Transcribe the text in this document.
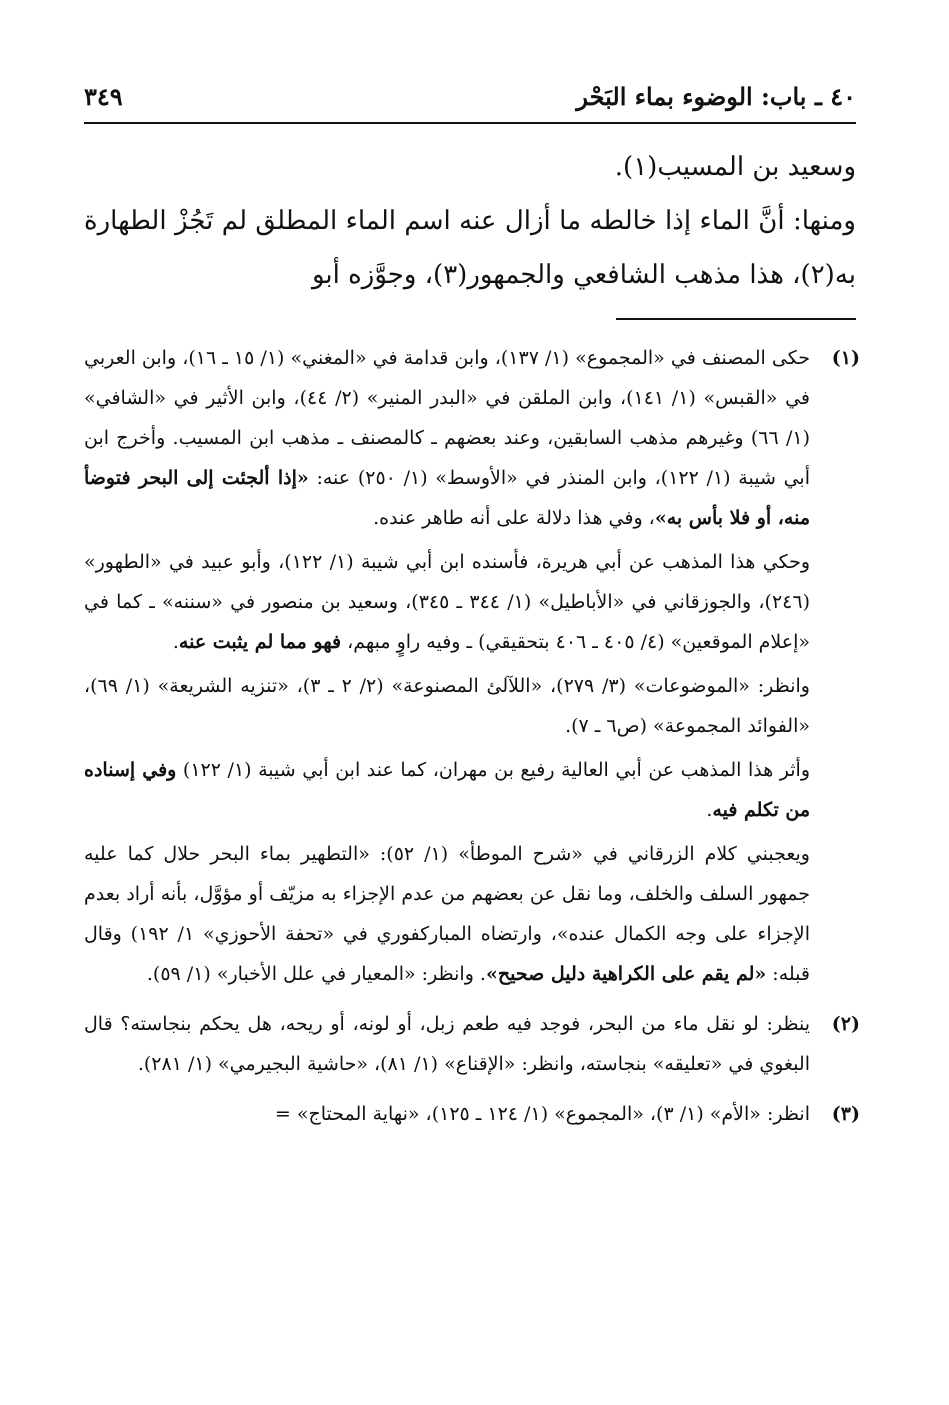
٣٤٩	٤٠ ـ باب: الوضوء بماء البَحْر

وسعيد بن المسيب(١).

ومنها: أنَّ الماء إذا خالطه ما أزال عنه اسم الماء المطلق لم تَجُزْ الطهارة به(٢)، هذا مذهب الشافعي والجمهور(٣)، وجوَّزه أبو

(١)

حكى المصنف في «المجموع» (١/ ١٣٧)، وابن قدامة في «المغني» (١/ ١٥ ـ ١٦)، وابن العربي في «القبس» (١/ ١٤١)، وابن الملقن في «البدر المنير» (٢/ ٤٤)، وابن الأثير في «الشافي» (١/ ٦٦) وغيرهم مذهب السابقين، وعند بعضهم ـ كالمصنف ـ مذهب ابن المسيب. وأخرج ابن أبي شيبة (١/ ١٢٢)، وابن المنذر في «الأوسط» (١/ ٢٥٠) عنه: «إذا ألجئت إلى البحر فتوضأ منه، أو فلا بأس به»، وفي هذا دلالة على أنه طاهر عنده.

وحكي هذا المذهب عن أبي هريرة، فأسنده ابن أبي شيبة (١/ ١٢٢)، وأبو عبيد في «الطهور» (٢٤٦)، والجوزقاني في «الأباطيل» (١/ ٣٤٤ ـ ٣٤٥)، وسعيد بن منصور في «سننه» ـ كما في «إعلام الموقعين» (٤/ ٤٠٥ ـ ٤٠٦ بتحقيقي) ـ وفيه راوٍ مبهم، فهو مما لم يثبت عنه.

وانظر: «الموضوعات» (٣/ ٢٧٩)، «اللآلئ المصنوعة» (٢/ ٢ ـ ٣)، «تنزيه الشريعة» (١/ ٦٩)، «الفوائد المجموعة» (ص٦ ـ ٧).

وأثر هذا المذهب عن أبي العالية رفيع بن مهران، كما عند ابن أبي شيبة (١/ ١٢٢) وفي إسناده من تكلم فيه.

ويعجبني كلام الزرقاني في «شرح الموطأ» (١/ ٥٢): «التطهير بماء البحر حلال كما عليه جمهور السلف والخلف، وما نقل عن بعضهم من عدم الإجزاء به مزيّف أو مؤوَّل، بأنه أراد بعدم الإجزاء على وجه الكمال عنده»، وارتضاه المباركفوري في «تحفة الأحوزي» ١/ ١٩٢) وقال قبله: «لم يقم على الكراهية دليل صحيح». وانظر: «المعيار في علل الأخبار» (١/ ٥٩).

(٢)

ينظر: لو نقل ماء من البحر، فوجد فيه طعم زبل، أو لونه، أو ريحه، هل يحكم بنجاسته؟ قال البغوي في «تعليقه» بنجاسته، وانظر: «الإقناع» (١/ ٨١)، «حاشية البجيرمي» (١/ ٢٨١).

(٣)

انظر: «الأم» (١/ ٣)، «المجموع» (١/ ١٢٤ ـ ١٢٥)، «نهاية المحتاج» =
